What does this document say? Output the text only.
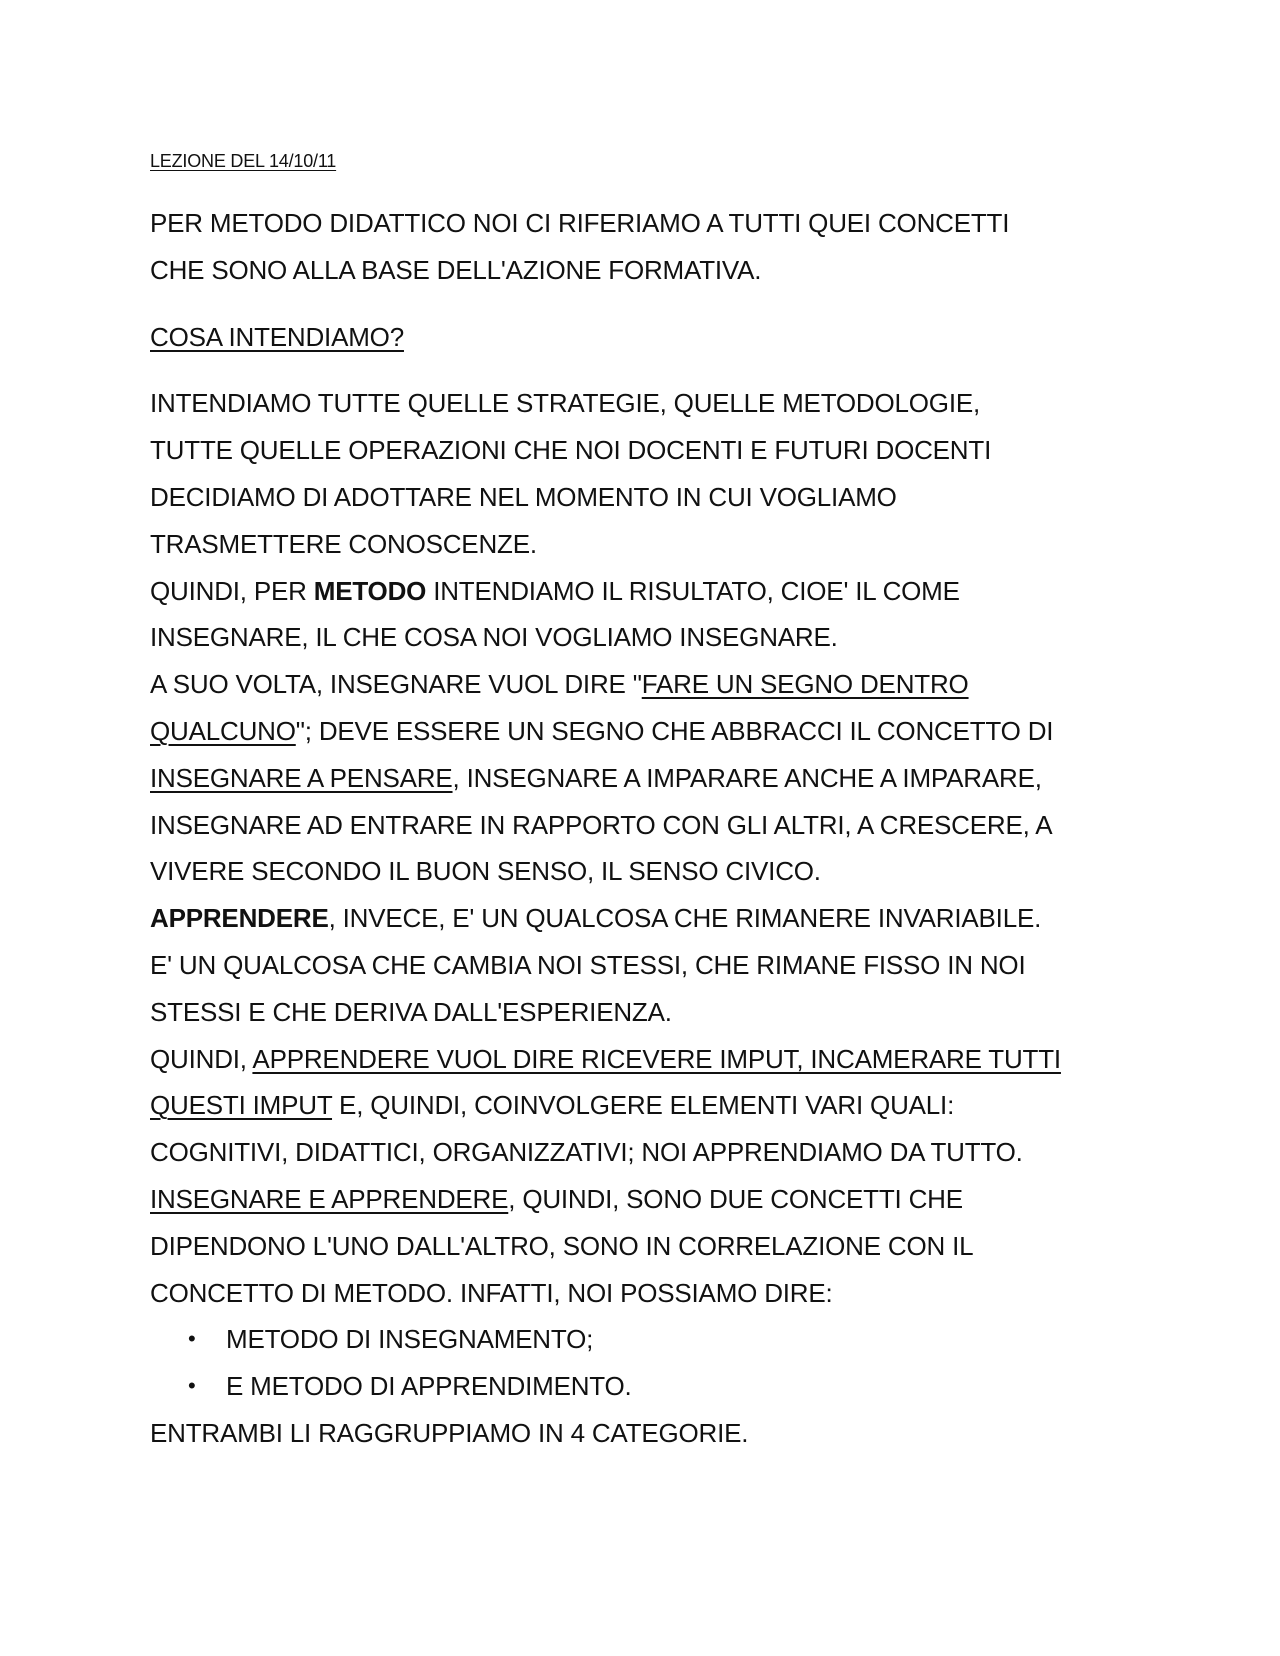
LEZIONE DEL 14/10/11

PER METODO DIDATTICO NOI CI RIFERIAMO A TUTTI QUEI CONCETTI

CHE SONO ALLA BASE DELL'AZIONE FORMATIVA.

COSA INTENDIAMO?

INTENDIAMO TUTTE QUELLE STRATEGIE, QUELLE METODOLOGIE,

TUTTE QUELLE OPERAZIONI CHE NOI DOCENTI E FUTURI DOCENTI

DECIDIAMO DI ADOTTARE NEL MOMENTO IN CUI VOGLIAMO

TRASMETTERE CONOSCENZE.

QUINDI, PER METODO INTENDIAMO IL RISULTATO, CIOE' IL COME

INSEGNARE, IL CHE COSA NOI VOGLIAMO INSEGNARE.

A SUO VOLTA, INSEGNARE VUOL DIRE "FARE UN SEGNO DENTRO

QUALCUNO"; DEVE ESSERE UN SEGNO CHE ABBRACCI IL CONCETTO DI

INSEGNARE A PENSARE, INSEGNARE A IMPARARE ANCHE A IMPARARE,

INSEGNARE AD ENTRARE IN RAPPORTO CON GLI ALTRI, A CRESCERE, A

VIVERE SECONDO IL BUON SENSO, IL SENSO CIVICO.

APPRENDERE, INVECE, E' UN QUALCOSA CHE RIMANERE INVARIABILE.

E' UN QUALCOSA CHE CAMBIA NOI STESSI, CHE RIMANE FISSO IN NOI

STESSI E CHE DERIVA DALL'ESPERIENZA.

QUINDI, APPRENDERE VUOL DIRE RICEVERE IMPUT, INCAMERARE TUTTI

QUESTI IMPUT E, QUINDI, COINVOLGERE ELEMENTI VARI QUALI:

COGNITIVI, DIDATTICI, ORGANIZZATIVI; NOI APPRENDIAMO DA TUTTO.

INSEGNARE E APPRENDERE, QUINDI, SONO DUE CONCETTI CHE

DIPENDONO L'UNO DALL'ALTRO, SONO IN CORRELAZIONE CON IL

CONCETTO DI METODO. INFATTI, NOI POSSIAMO DIRE:

• METODO DI INSEGNAMENTO;
• E METODO DI APPRENDIMENTO.

ENTRAMBI LI RAGGRUPPIAMO IN 4 CATEGORIE.
